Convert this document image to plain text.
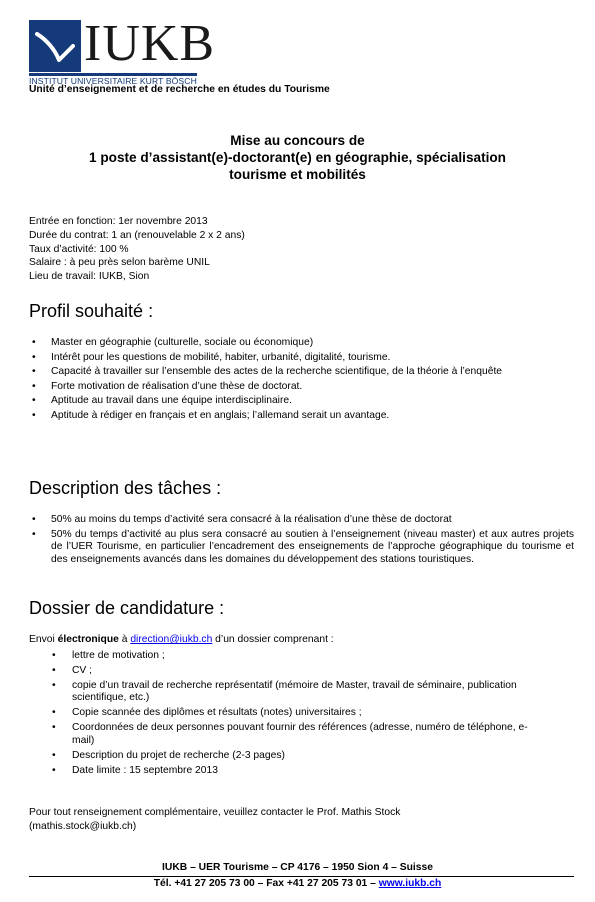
IUKB
INSTITUT UNIVERSITAIRE KURT BÖSCH
Unité d’enseignement et de recherche en études du Tourisme
Mise au concours de
1 poste d’assistant(e)-doctorant(e) en géographie, spécialisation
tourisme et mobilités
Entrée en fonction: 1er novembre 2013
Durée du contrat: 1 an (renouvelable 2 x 2 ans)
Taux d’activité: 100 %
Salaire : à peu près selon barème UNIL
Lieu de travail: IUKB, Sion
Profil souhaité :
• Master en géographie (culturelle, sociale ou économique)
• Intérêt pour les questions de mobilité, habiter, urbanité, digitalité, tourisme.
• Capacité à travailler sur l’ensemble des actes de la recherche scientifique, de la théorie à l’enquête
• Forte motivation de réalisation d’une thèse de doctorat.
• Aptitude au travail dans une équipe interdisciplinaire.
• Aptitude à rédiger en français et en anglais; l’allemand serait un avantage.
Description des tâches :
• 50% au moins du temps d’activité sera consacré à la réalisation d’une thèse de doctorat
• 50% du temps d’activité au plus sera consacré au soutien à l’enseignement (niveau master) et aux autres projets de l’UER Tourisme, en particulier l’encadrement des enseignements de l’approche géographique du tourisme et des enseignements avancés dans les domaines du développement des stations touristiques.
Dossier de candidature :
Envoi électronique à direction@iukb.ch d’un dossier comprenant :
• lettre de motivation ;
• CV ;
• copie d’un travail de recherche représentatif (mémoire de Master, travail de séminaire, publication scientifique, etc.)
• Copie scannée des diplômes et résultats (notes) universitaires ;
• Coordonnées de deux personnes pouvant fournir des références (adresse, numéro de téléphone, e-mail)
• Description du projet de recherche (2-3 pages)
• Date limite : 15 septembre 2013
Pour tout renseignement complémentaire, veuillez contacter le Prof. Mathis Stock
(mathis.stock@iukb.ch)
IUKB – UER Tourisme – CP 4176 – 1950 Sion 4 – Suisse
Tél. +41 27 205 73 00 – Fax +41 27 205 73 01 – www.iukb.ch
